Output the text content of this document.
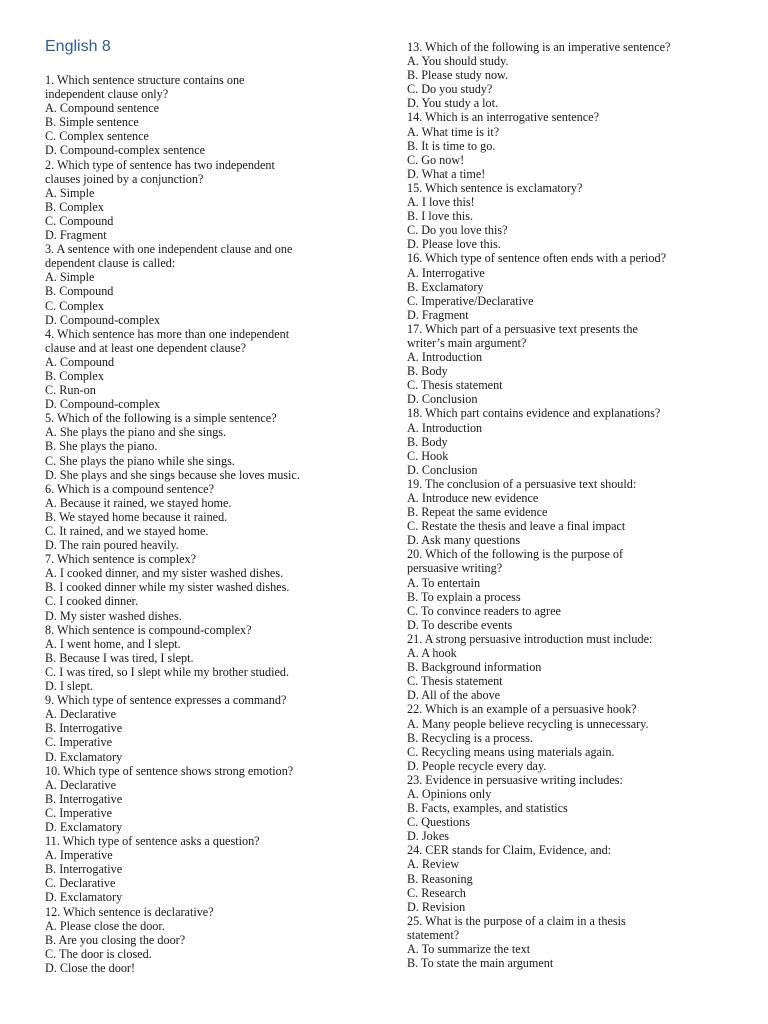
English 8
1. Which sentence structure contains one
independent clause only?
A. Compound sentence
B. Simple sentence
C. Complex sentence
D. Compound-complex sentence
2. Which type of sentence has two independent
clauses joined by a conjunction?
A. Simple
B. Complex
C. Compound
D. Fragment
3. A sentence with one independent clause and one
dependent clause is called:
A. Simple
B. Compound
C. Complex
D. Compound-complex
4. Which sentence has more than one independent
clause and at least one dependent clause?
A. Compound
B. Complex
C. Run-on
D. Compound-complex
5. Which of the following is a simple sentence?
A. She plays the piano and she sings.
B. She plays the piano.
C. She plays the piano while she sings.
D. She plays and she sings because she loves music.
6. Which is a compound sentence?
A. Because it rained, we stayed home.
B. We stayed home because it rained.
C. It rained, and we stayed home.
D. The rain poured heavily.
7. Which sentence is complex?
A. I cooked dinner, and my sister washed dishes.
B. I cooked dinner while my sister washed dishes.
C. I cooked dinner.
D. My sister washed dishes.
8. Which sentence is compound-complex?
A. I went home, and I slept.
B. Because I was tired, I slept.
C. I was tired, so I slept while my brother studied.
D. I slept.
9. Which type of sentence expresses a command?
A. Declarative
B. Interrogative
C. Imperative
D. Exclamatory
10. Which type of sentence shows strong emotion?
A. Declarative
B. Interrogative
C. Imperative
D. Exclamatory
11. Which type of sentence asks a question?
A. Imperative
B. Interrogative
C. Declarative
D. Exclamatory
12. Which sentence is declarative?
A. Please close the door.
B. Are you closing the door?
C. The door is closed.
D. Close the door!
13. Which of the following is an imperative sentence?
A. You should study.
B. Please study now.
C. Do you study?
D. You study a lot.
14. Which is an interrogative sentence?
A. What time is it?
B. It is time to go.
C. Go now!
D. What a time!
15. Which sentence is exclamatory?
A. I love this!
B. I love this.
C. Do you love this?
D. Please love this.
16. Which type of sentence often ends with a period?
A. Interrogative
B. Exclamatory
C. Imperative/Declarative
D. Fragment
17. Which part of a persuasive text presents the
writer’s main argument?
A. Introduction
B. Body
C. Thesis statement
D. Conclusion
18. Which part contains evidence and explanations?
A. Introduction
B. Body
C. Hook
D. Conclusion
19. The conclusion of a persuasive text should:
A. Introduce new evidence
B. Repeat the same evidence
C. Restate the thesis and leave a final impact
D. Ask many questions
20. Which of the following is the purpose of
persuasive writing?
A. To entertain
B. To explain a process
C. To convince readers to agree
D. To describe events
21. A strong persuasive introduction must include:
A. A hook
B. Background information
C. Thesis statement
D. All of the above
22. Which is an example of a persuasive hook?
A. Many people believe recycling is unnecessary.
B. Recycling is a process.
C. Recycling means using materials again.
D. People recycle every day.
23. Evidence in persuasive writing includes:
A. Opinions only
B. Facts, examples, and statistics
C. Questions
D. Jokes
24. CER stands for Claim, Evidence, and:
A. Review
B. Reasoning
C. Research
D. Revision
25. What is the purpose of a claim in a thesis
statement?
A. To summarize the text
B. To state the main argument
